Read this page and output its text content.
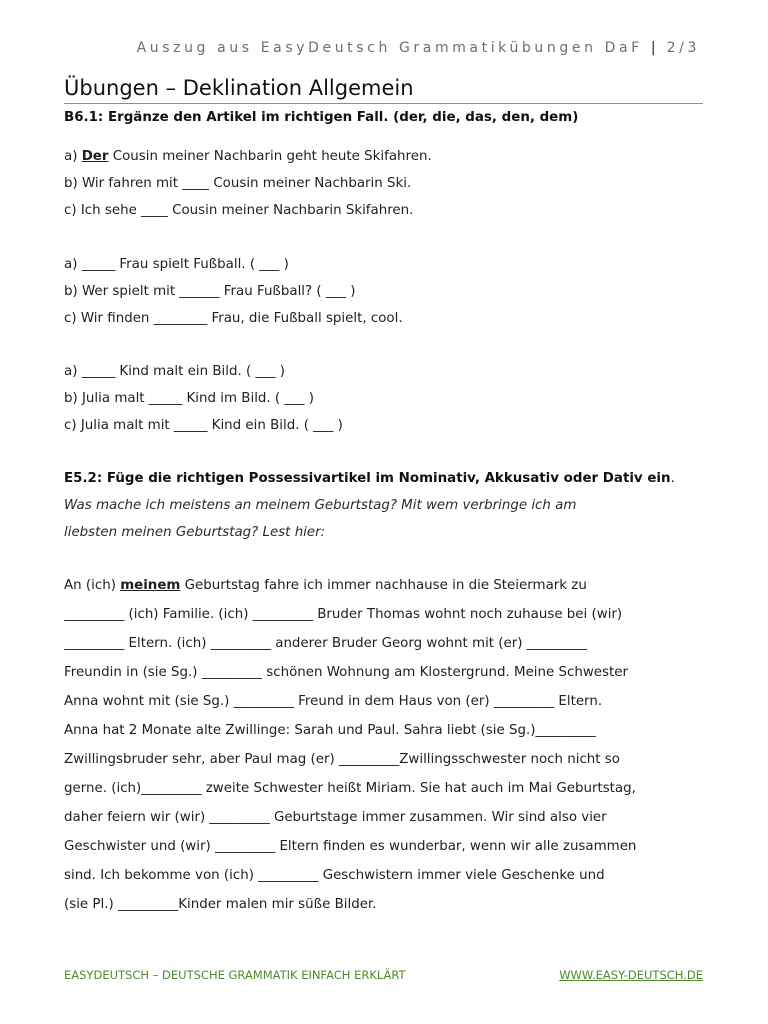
Auszug aus EasyDeutsch Grammatikübungen DaF | 2/3
Übungen – Deklination Allgemein
B6.1: Ergänze den Artikel im richtigen Fall. (der, die, das, den, dem)
a) Der Cousin meiner Nachbarin geht heute Skifahren.
b) Wir fahren mit ____ Cousin meiner Nachbarin Ski.
c) Ich sehe ____ Cousin meiner Nachbarin Skifahren.
a) _____ Frau spielt Fußball. ( ___ )
b) Wer spielt mit ______ Frau Fußball? ( ___ )
c) Wir finden ________ Frau, die Fußball spielt, cool.
a) _____ Kind malt ein Bild. ( ___ )
b) Julia malt _____ Kind im Bild. ( ___ )
c) Julia malt mit _____ Kind ein Bild. ( ___ )
E5.2: Füge die richtigen Possessivartikel im Nominativ, Akkusativ oder Dativ ein.
Was mache ich meistens an meinem Geburtstag? Mit wem verbringe ich am
liebsten meinen Geburtstag? Lest hier:
An (ich) meinem Geburtstag fahre ich immer nachhause in die Steiermark zu
_________ (ich) Familie. (ich) _________ Bruder Thomas wohnt noch zuhause bei (wir)
_________ Eltern. (ich) _________ anderer Bruder Georg wohnt mit (er) _________
Freundin in (sie Sg.) _________ schönen Wohnung am Klostergrund. Meine Schwester
Anna wohnt mit (sie Sg.) _________ Freund in dem Haus von (er) _________ Eltern.
Anna hat 2 Monate alte Zwillinge: Sarah und Paul. Sahra liebt (sie Sg.)_________
Zwillingsbruder sehr, aber Paul mag (er) _________Zwillingsschwester noch nicht so
gerne. (ich)_________ zweite Schwester heißt Miriam. Sie hat auch im Mai Geburtstag,
daher feiern wir (wir) _________ Geburtstage immer zusammen. Wir sind also vier
Geschwister und (wir) _________ Eltern finden es wunderbar, wenn wir alle zusammen
sind. Ich bekomme von (ich) _________ Geschwistern immer viele Geschenke und
(sie Pl.) _________Kinder malen mir süße Bilder.
EASYDEUTSCH – DEUTSCHE GRAMMATIK EINFACH ERKLÄRT	WWW.EASY-DEUTSCH.DE
